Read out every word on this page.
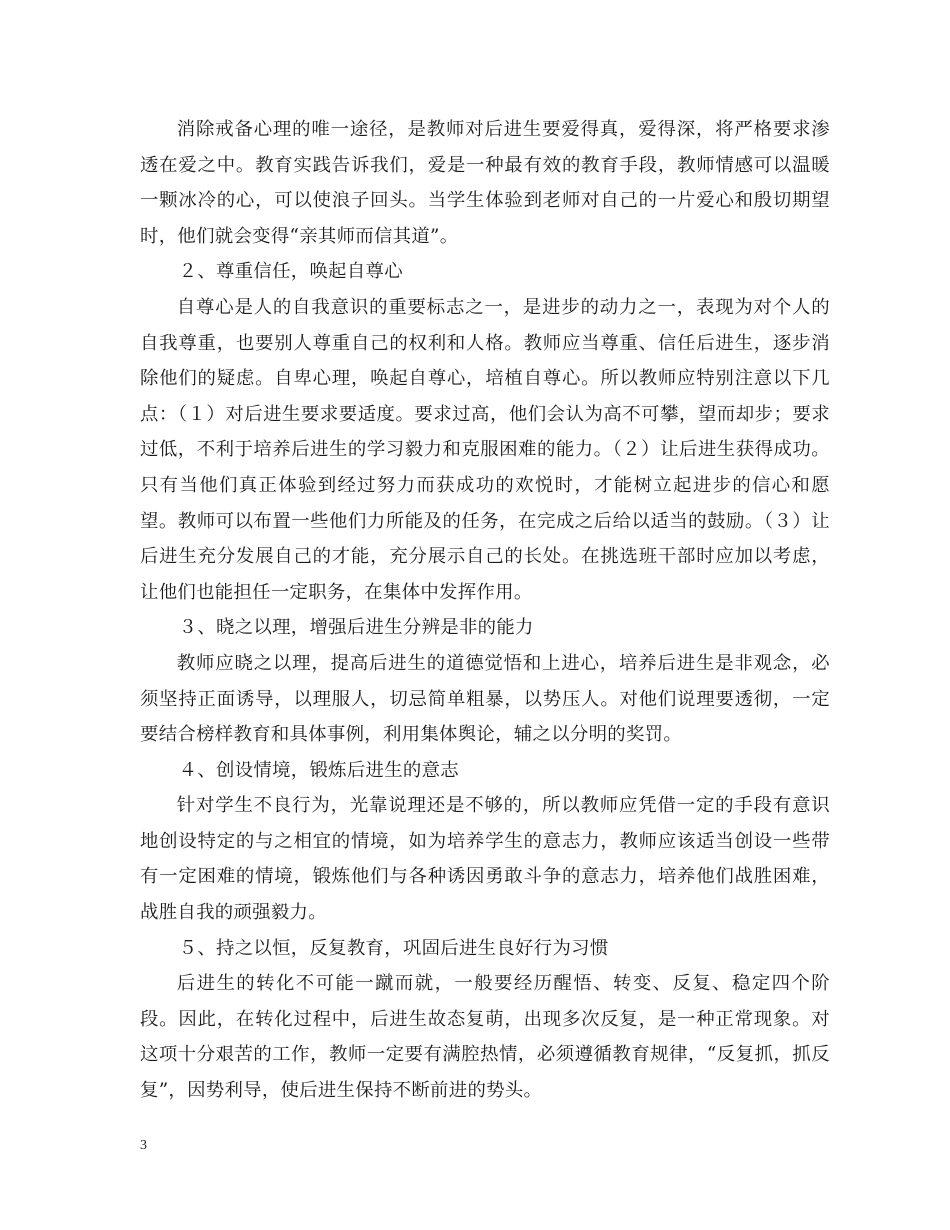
消除戒备心理的唯一途径，是教师对后进生要爱得真，爱得深，将严格要求渗透在爱之中。教育实践告诉我们，爱是一种最有效的教育手段，教师情感可以温暖一颗冰冷的心，可以使浪子回头。当学生体验到老师对自己的一片爱心和殷切期望时，他们就会变得“亲其师而信其道”。

２、尊重信任，唤起自尊心

自尊心是人的自我意识的重要标志之一，是进步的动力之一，表现为对个人的自我尊重，也要别人尊重自己的权利和人格。教师应当尊重、信任后进生，逐步消除他们的疑虑。自卑心理，唤起自尊心，培植自尊心。所以教师应特别注意以下几点：（１）对后进生要求要适度。要求过高，他们会认为高不可攀，望而却步；要求过低，不利于培养后进生的学习毅力和克服困难的能力。（２）让后进生获得成功。只有当他们真正体验到经过努力而获成功的欢悦时，才能树立起进步的信心和愿望。教师可以布置一些他们力所能及的任务，在完成之后给以适当的鼓励。（３）让后进生充分发展自己的才能，充分展示自己的长处。在挑选班干部时应加以考虑，让他们也能担任一定职务，在集体中发挥作用。

３、晓之以理，增强后进生分辨是非的能力

教师应晓之以理，提高后进生的道德觉悟和上进心，培养后进生是非观念，必须坚持正面诱导，以理服人，切忌简单粗暴，以势压人。对他们说理要透彻，一定要结合榜样教育和具体事例，利用集体舆论，辅之以分明的奖罚。

４、创设情境，锻炼后进生的意志

针对学生不良行为，光靠说理还是不够的，所以教师应凭借一定的手段有意识地创设特定的与之相宜的情境，如为培养学生的意志力，教师应该适当创设一些带有一定困难的情境，锻炼他们与各种诱因勇敢斗争的意志力，培养他们战胜困难，战胜自我的顽强毅力。

５、持之以恒，反复教育，巩固后进生良好行为习惯

后进生的转化不可能一蹴而就，一般要经历醒悟、转变、反复、稳定四个阶段。因此，在转化过程中，后进生故态复萌，出现多次反复，是一种正常现象。对这项十分艰苦的工作，教师一定要有满腔热情，必须遵循教育规律，“反复抓，抓反复”，因势利导，使后进生保持不断前进的势头。

3
